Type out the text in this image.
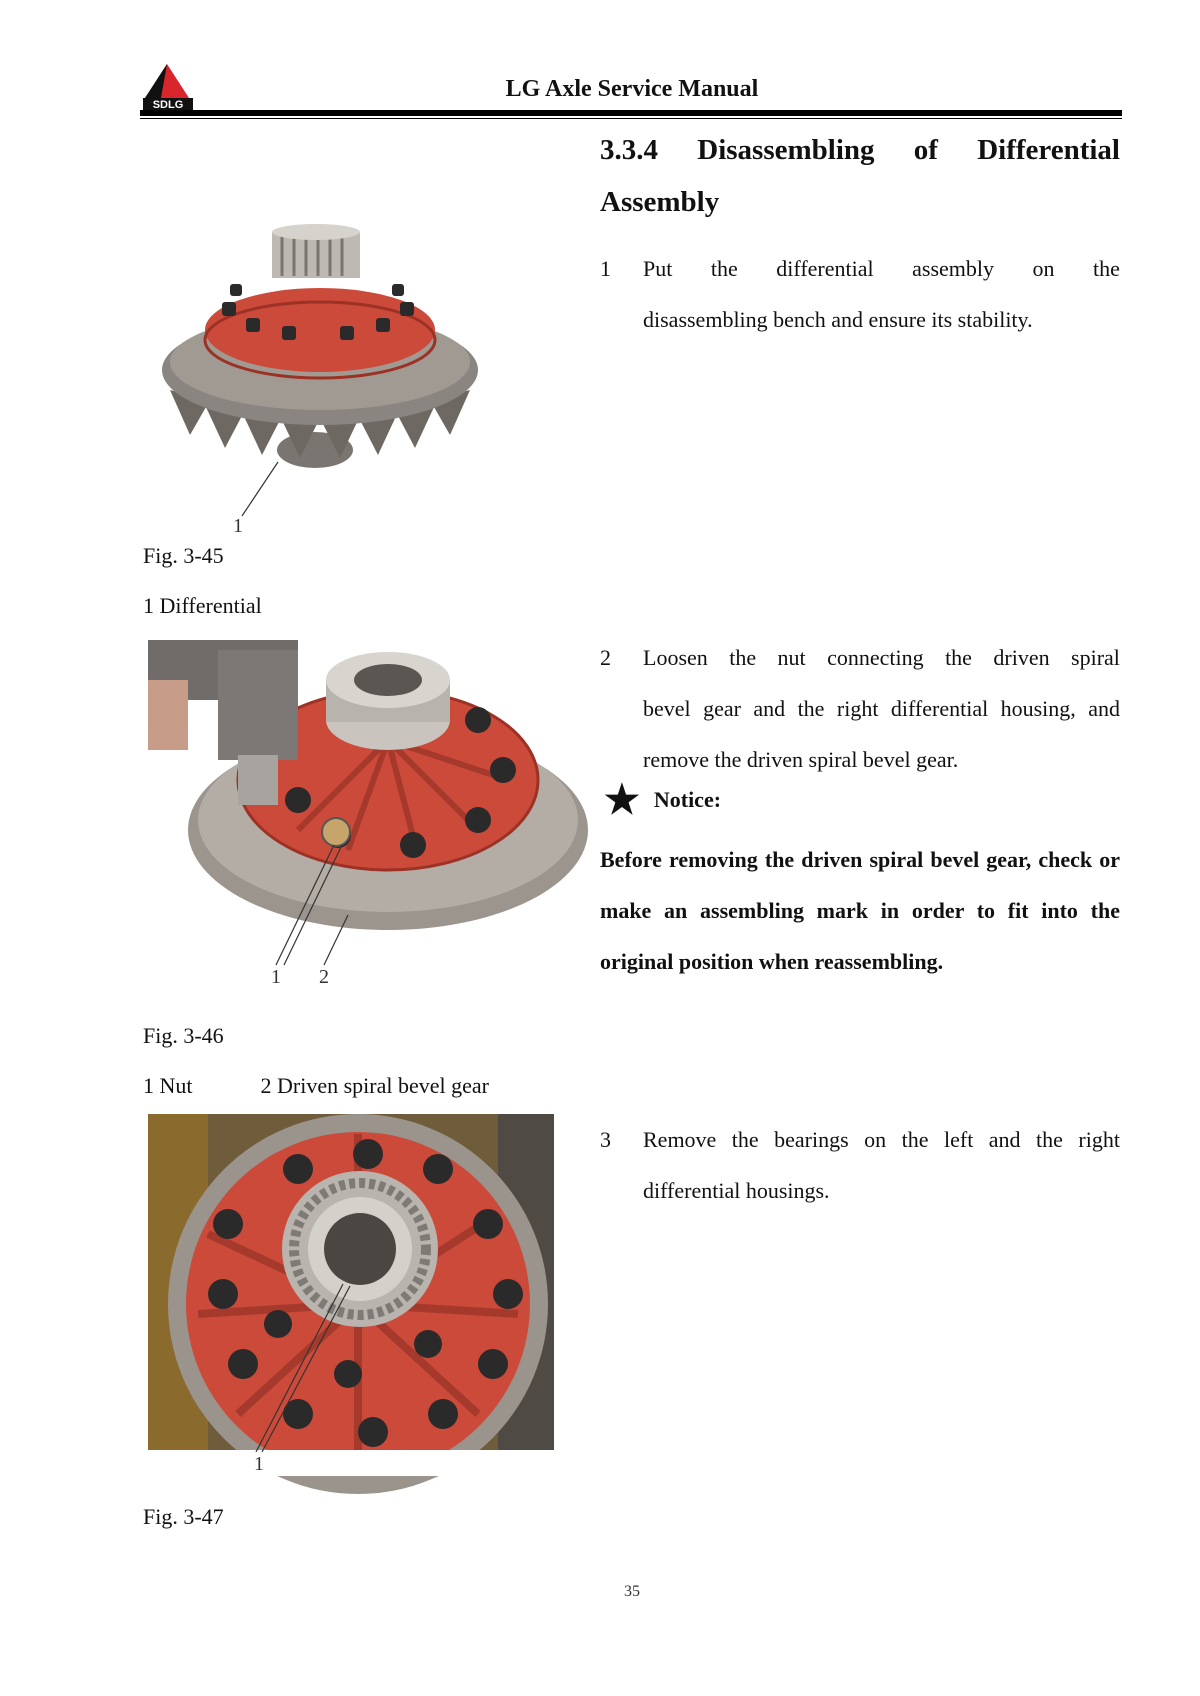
SDLG
LG Axle Service Manual
3.3.4 Disassembling of Differential
Assembly
1 Put the differential assembly on the
disassembling bench and ensure its stability.
2 Loosen the nut connecting the driven spiral
bevel gear and the right differential housing, and remove the driven spiral bevel gear.
★ Notice:
Before removing the driven spiral bevel gear, check or make an assembling mark in order to fit into the original position when reassembling.
3 Remove the bearings on the left and the right
differential housings.
1
Fig. 3-45
1 Differential
1 2
Fig. 3-46
1 Nut	2 Driven spiral bevel gear
1
Fig. 3-47
35
